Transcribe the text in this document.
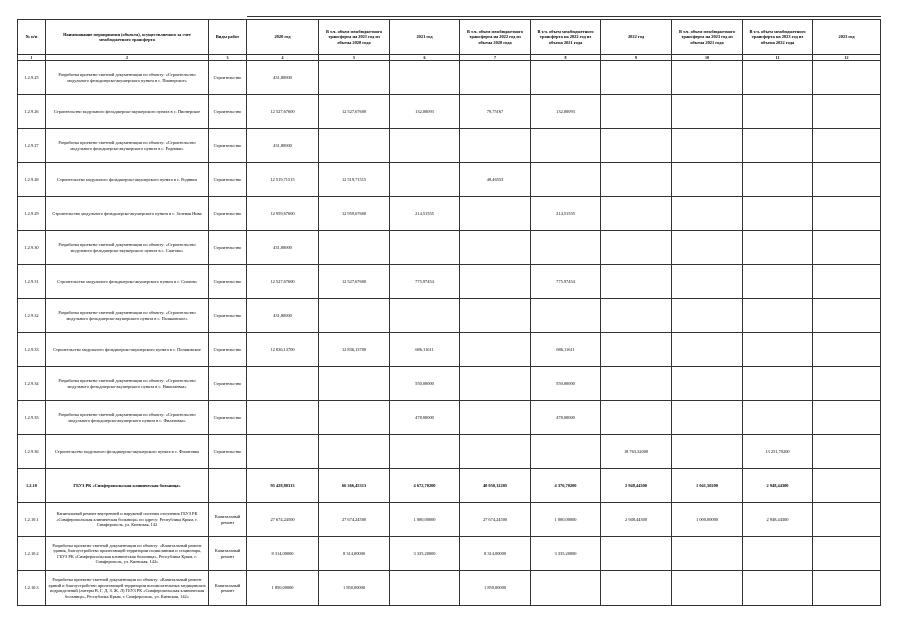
№ п/п	Наименование мероприятия (объекта), осуществляемого за счет межбюджетного трансферта	Виды работ	2020 год	В т.ч. объем межбюджетного трансферта на 2021 год из объема 2020 года	2021 год	В т.ч. объем межбюджетного трансферта на 2022 год из объема 2020 года	В т.ч. объем межбюджетного трансферта на 2022 год из объема 2021 года	2022 год	В т.ч. объем межбюджетного трансферта на 2023 год из объема 2021 года	В т.ч. объем межбюджетного трансферта на 2023 год из объема 2022 года	2023 год
1	2	3	4	5	6	7	8	9	10	11	12
1.2.9.25	Разработка проектно-сметной документации по объекту: «Строительство модульного фельдшерско-акушерского пункта в с. Пионерское»	Строительство	431,80000								
1.2.9.26	Строительство модульного фельдшерско-акушерского пункта в с. Пионерское	Строительство	12 527,67600	12 527,67600	132,00093	79,75167	132,00093				
1.2.9.27	Разработка проектно-сметной документации по объекту: «Строительство модульного фельдшерско-акушерского пункта в с. Родники»	Строительство	431,80000								
1.2.9.28	Строительство модульного фельдшерско-акушерского пункта в с. Родники	Строительство	12 519,71515	12 519,71515		48,46553					
1.2.9.29	Строительство модульного фельдшерско-акушерского пункта в с. Зеленая Нива	Строительство	12 959,67600	12 959,67600	214,51555		214,51555				
1.2.9.30	Разработка проектно-сметной документации по объекту: «Строительство модульного фельдшерско-акушерского пункта в с. Спатово»	Строительство	431,80000								
1.2.9.31	Строительство модульного фельдшерско-акушерского пункта в с. Спатово	Строительство	12 527,67600	12 527,67600	775,97454		775,97454				
1.2.9.32	Разработка проектно-сметной документации по объекту: «Строительство модульного фельдшерско-акушерского пункта в с. Поляковское»	Строительство	431,80000								
1.2.9.33	Строительство модульного фельдшерско-акушерского пункта в с. Поляковское	Строительство	12 836,13700	12 836,13700	686,11611		686,11611				
1.2.9.34	Разработка проектно-сметной документации по объекту: «Строительство модульного фельдшерско-акушерского пункта в с. Николаевка»	Строительство			550,00000		550,00000				
1.2.9.35	Разработка проектно-сметной документации по объекту: «Строительство модульного фельдшерско-акушерского пункта в с. Филатовка»	Строительство			478,00000		478,00000				
1.2.9.36	Строительство модульного фельдшерско-акушерского пункта в с. Филатовка	Строительство						18 763,32000		13 251,70200	
1.2.10	ГБУЗ РК «Симферопольская клиническая больница»		95 428,80313	66 366,45313	4 672,70200	40 050,12205	4 376,70200	2 948,44300	1 041,50200	2 948,44300	
1.2.10.1	Капитальный ремонт внутренней и наружной системы отопления ГБУЗ РК «Симферопольская клиническая больница» по адресу: Республика Крым, г. Симферополь, ул. Киевская, 142	Капитальный ремонт	27 674,24500	27 674,24500	1 000,00000	27 674,24500	1 000,00000	2 948,44300	1 000,00000	2 948,44300	
1.2.10.2	Разработка проектно-сметной документации по объекту: «Капитальный ремонт здания, благоустройство прилегающей территории поликлиники и стационара, ГБУЗ РК «Симферопольская клиническая больница», Республика Крым, г. Симферополь, ул. Киевская, 142»	Капитальный ремонт	8 314,00000	8 314,00000	3 335,20000	8 314,00000	3 335,20000				
1.2.10.3	Разработка проектно-сметной документации по объекту: «Капитальный ремонт зданий и благоустройство прилегающей территории вспомогательных медицинских подразделений (литеры В, Г, Д, З, Ж, Л) ГБУЗ РК «Симферопольская клиническая больница», Республика Крым, г. Симферополь, ул. Киевская, 142»	Капитальный ремонт	1 850,00000	1 850,00000		1 850,00000					
